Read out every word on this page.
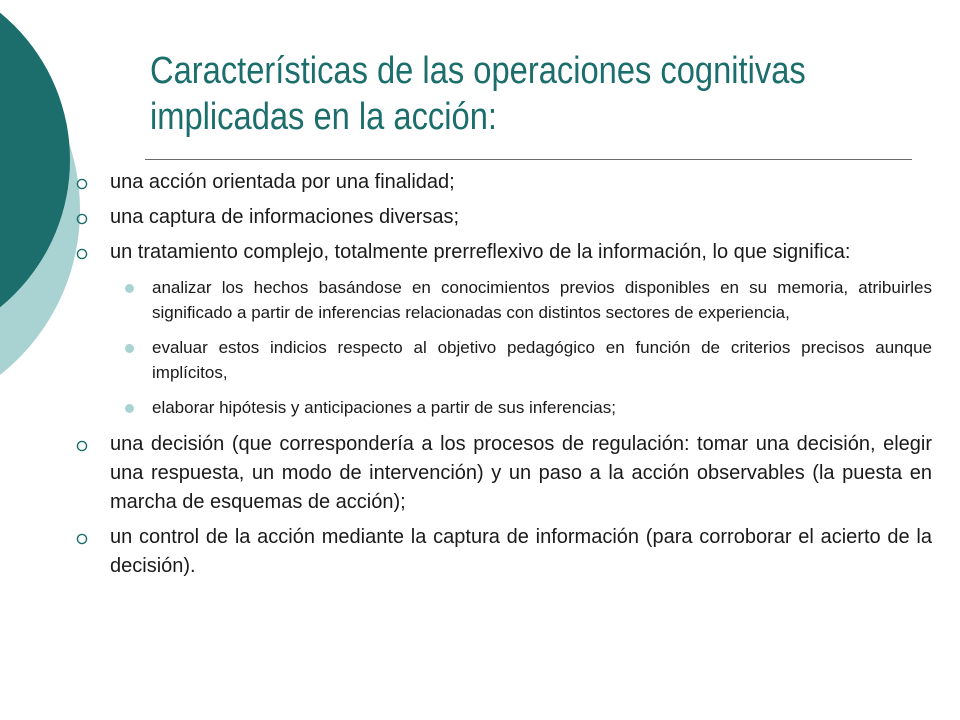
Características de las operaciones cognitivas
implicadas en la acción:
una acción orientada por una finalidad;
una captura de informaciones diversas;
un tratamiento complejo, totalmente prerreflexivo de la información, lo que significa:
analizar los hechos basándose en conocimientos previos disponibles en su memoria, atribuirles significado a partir de inferencias relacionadas con distintos sectores de experiencia,
evaluar estos indicios respecto al objetivo pedagógico en función de criterios precisos aunque implícitos,
elaborar hipótesis y anticipaciones a partir de sus inferencias;
una decisión (que correspondería a los procesos de regulación: tomar una decisión, elegir una respuesta, un modo de intervención) y un paso a la acción observables (la puesta en marcha de esquemas de acción);
un control de la acción mediante la captura de información (para corroborar el acierto de la decisión).
